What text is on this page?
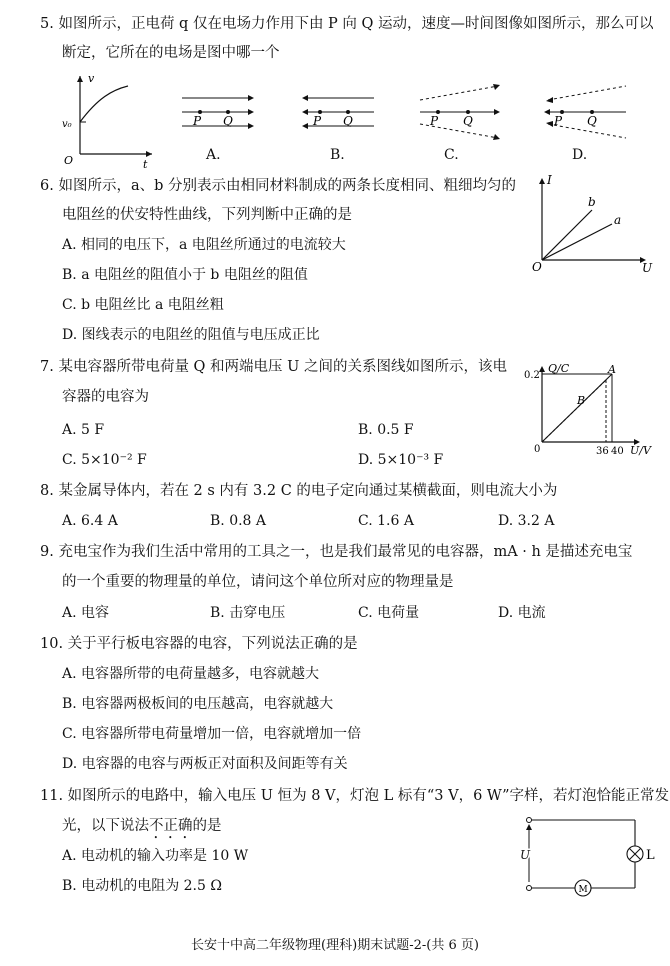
5. 如图所示，正电荷 q 仅在电场力作用下由 P 向 Q 运动，速度—时间图像如图所示，那么可以
断定，它所在的电场是图中哪一个
v
v₀
O	t
P Q
A.
P Q
B.
P Q
C.
P Q
D.
6. 如图所示，a、b 分别表示由相同材料制成的两条长度相同、粗细均匀的
电阻丝的伏安特性曲线，下列判断中正确的是
A. 相同的电压下，a 电阻丝所通过的电流较大
B. a 电阻丝的阻值小于 b 电阻丝的阻值
C. b 电阻丝比 a 电阻丝粗
D. 图线表示的电阻丝的阻值与电压成正比
I
U
O
b
a
7. 某电容器所带电荷量 Q 和两端电压 U 之间的关系图线如图所示，该电
容器的电容为
A. 5 F	B. 0.5 F
C. 5×10⁻² F	D. 5×10⁻³ F
Q/C
0.2
0	36 40 U/V
A
B
8. 某金属导体内，若在 2 s 内有 3.2 C 的电子定向通过某横截面，则电流大小为
A. 6.4 A	B. 0.8 A	C. 1.6 A	D. 3.2 A
9. 充电宝作为我们生活中常用的工具之一，也是我们最常见的电容器，mA · h 是描述充电宝
的一个重要的物理量的单位，请问这个单位所对应的物理量是
A. 电容	B. 击穿电压	C. 电荷量	D. 电流
10. 关于平行板电容器的电容，下列说法正确的是
A. 电容器所带的电荷量越多，电容就越大
B. 电容器两极板间的电压越高，电容就越大
C. 电容器所带电荷量增加一倍，电容就增加一倍
D. 电容器的电容与两板正对面积及间距等有关
11. 如图所示的电路中，输入电压 U 恒为 8 V，灯泡 L 标有“3 V，6 W”字样，若灯泡恰能正常发
光，以下说法不正确的是
A. 电动机的输入功率是 10 W
B. 电动机的电阻为 2.5 Ω	M
L
U
长安十中高二年级物理(理科)期末试题-2-(共 6 页)
